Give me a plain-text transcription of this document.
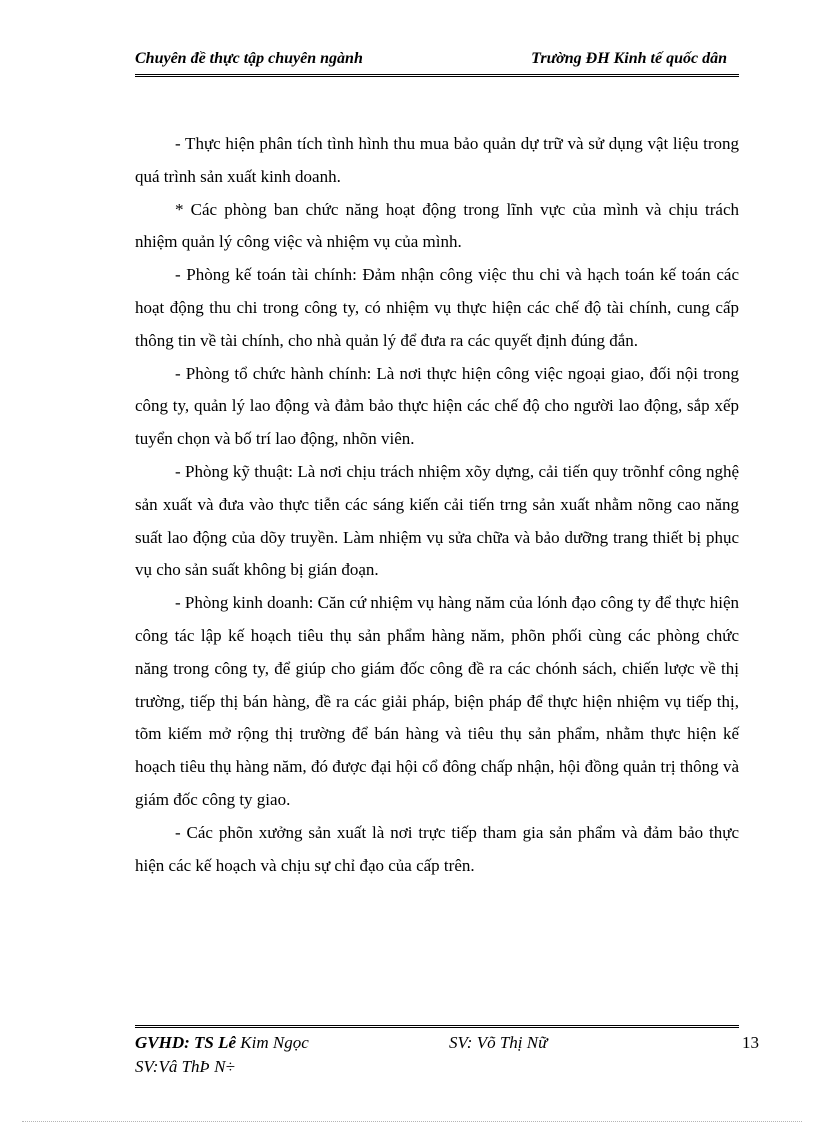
Chuyên đề thực tập chuyên ngành	Trường ĐH Kinh tế quốc dân

- Thực hiện phân tích tình hình thu mua bảo quản dự trữ và sử dụng vật liệu trong quá trình sản xuất kinh doanh.

* Các phòng ban chức năng hoạt động trong lĩnh vực của mình và chịu trách nhiệm quản lý công việc và nhiệm vụ của mình.

- Phòng kế toán tài chính: Đảm nhận công việc thu chi và hạch toán kế toán các hoạt động thu chi trong công ty, có nhiệm vụ thực hiện các chế độ tài chính, cung cấp thông tin về tài chính, cho nhà quản lý để đưa ra các quyết định đúng đắn.

- Phòng tổ chức hành chính: Là nơi thực hiện công việc ngoại giao, đối nội trong công ty, quản lý lao động và đảm bảo thực hiện các chế độ cho người lao động, sắp xếp tuyển chọn và bố trí lao động, nhõn viên.

- Phòng kỹ thuật: Là nơi chịu trách nhiệm xõy dựng, cải tiến quy trõnhf công nghệ sản xuất và đưa vào thực tiễn các sáng kiến cải tiến trng sản xuất nhằm nõng cao năng suất lao động của dõy truyền. Làm nhiệm vụ sửa chữa và bảo dưỡng trang thiết bị phục vụ cho sản suất không bị gián đoạn.

- Phòng kinh doanh: Căn cứ nhiệm vụ hàng năm của lónh đạo công ty để thực hiện công tác lập kế hoạch tiêu thụ sản phẩm hàng năm, phõn phối cùng các phòng chức năng trong công ty, để giúp cho giám đốc công đề ra các chónh sách, chiến lược về thị trường, tiếp thị bán hàng, đề ra các giải pháp, biện pháp để thực hiện nhiệm vụ tiếp thị, tõm kiếm mở rộng thị trường để bán hàng và tiêu thụ sản phẩm, nhằm thực hiện kế hoạch tiêu thụ hàng năm, đó được đại hội cổ đông chấp nhận, hội đồng quản trị thông và giám đốc công ty giao.

- Các phõn xưởng sản xuất là nơi trực tiếp tham gia sản phẩm và đảm bảo thực hiện các kế hoạch và chịu sự chỉ đạo của cấp trên.

GVHD: TS Lê Kim Ngọc	SV: Võ Thị Nữ	13
SV:Vâ ThÞ N÷
